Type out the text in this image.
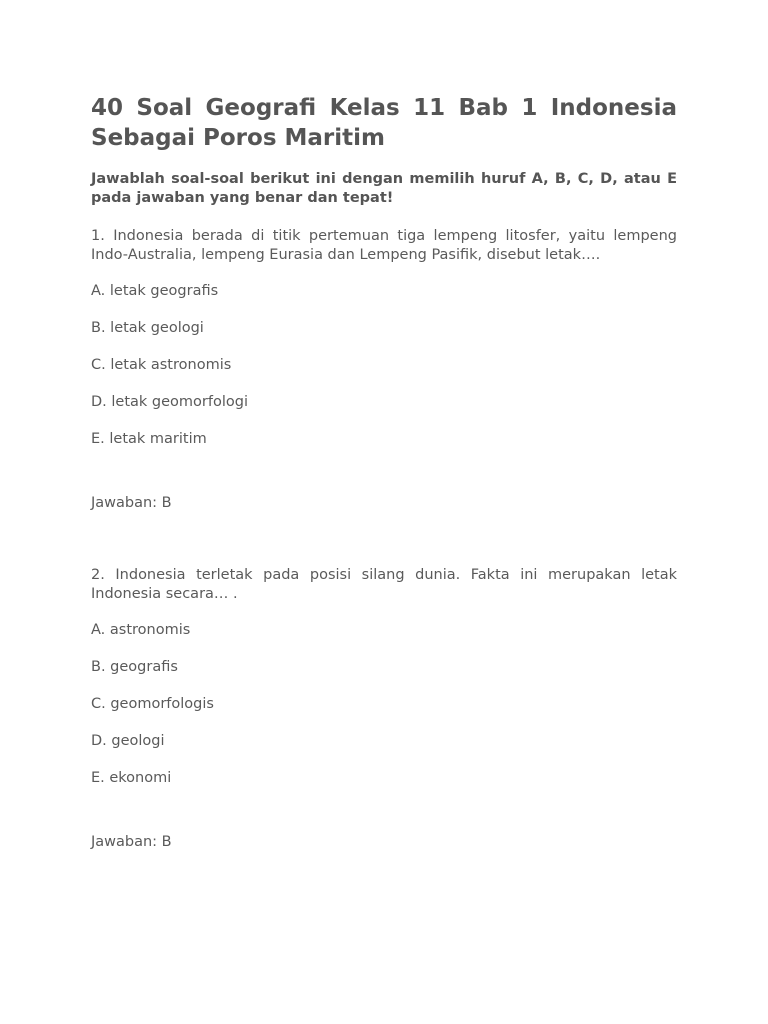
40 Soal Geografi Kelas 11 Bab 1 Indonesia Sebagai Poros Maritim

Jawablah soal-soal berikut ini dengan memilih huruf A, B, C, D, atau E pada jawaban yang benar dan tepat!

1. Indonesia berada di titik pertemuan tiga lempeng litosfer, yaitu lempeng Indo-Australia, lempeng Eurasia dan Lempeng Pasifik, disebut letak….

A. letak geografis
B. letak geologi
C. letak astronomis
D. letak geomorfologi
E. letak maritim

Jawaban: B

2. Indonesia terletak pada posisi silang dunia. Fakta ini merupakan letak Indonesia secara… .

A. astronomis
B. geografis
C. geomorfologis
D. geologi
E. ekonomi

Jawaban: B
